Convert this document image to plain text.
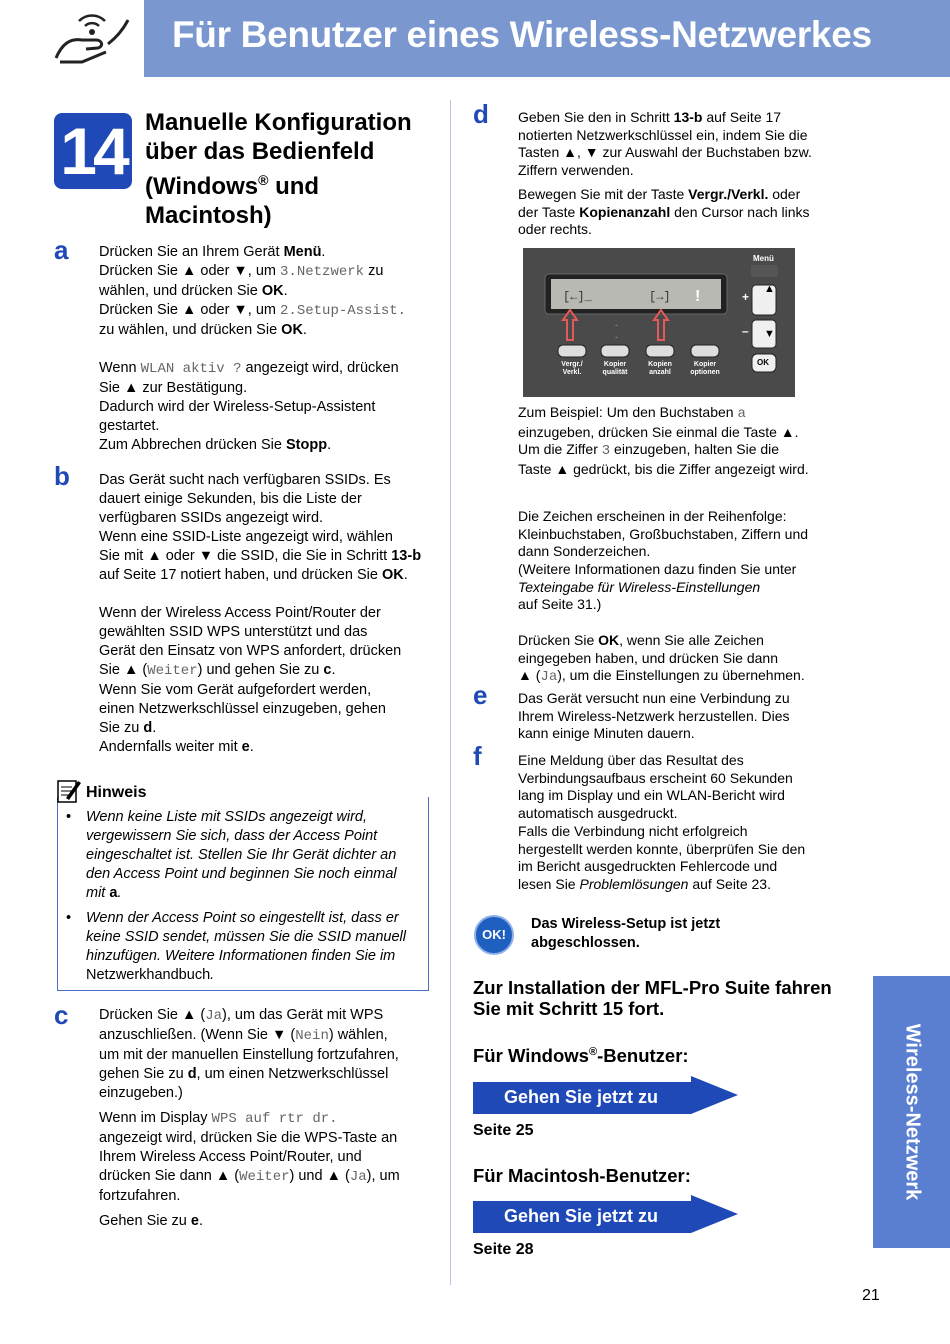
Für Benutzer eines Wireless-Netzwerkes
14 Manuelle Konfiguration
über das Bedienfeld
(Windows® und
Macintosh)
a Drücken Sie an Ihrem Gerät Menü.

Drücken Sie ▲ oder ▼, um 3.Netzwerk zu

wählen, und drücken Sie OK.

Drücken Sie ▲ oder ▼, um 2.Setup-Assist.

zu wählen, und drücken Sie OK.

Wenn WLAN aktiv ? angezeigt wird, drücken

Sie ▲ zur Bestätigung.

Dadurch wird der Wireless-Setup-Assistent

gestartet.

Zum Abbrechen drücken Sie Stopp.

b Das Gerät sucht nach verfügbaren SSIDs. Es

dauert einige Sekunden, bis die Liste der

verfügbaren SSIDs angezeigt wird.

Wenn eine SSID-Liste angezeigt wird, wählen

Sie mit ▲ oder ▼ die SSID, die Sie in Schritt 13-b

auf Seite 17 notiert haben, und drücken Sie OK.

Wenn der Wireless Access Point/Router der

gewählten SSID WPS unterstützt und das

Gerät den Einsatz von WPS anfordert, drücken

Sie ▲ (Weiter) und gehen Sie zu c.

Wenn Sie vom Gerät aufgefordert werden,

einen Netzwerkschlüssel einzugeben, gehen

Sie zu d.

Andernfalls weiter mit e.

Hinweis
• Wenn keine Liste mit SSIDs angezeigt wird, vergewissern Sie sich, dass der Access Point eingeschaltet ist. Stellen Sie Ihr Gerät dichter an den Access Point und beginnen Sie noch einmal mit a.
• Wenn der Access Point so eingestellt ist, dass er keine SSID sendet, müssen Sie die SSID manuell hinzufügen. Weitere Informationen finden Sie im Netzwerkhandbuch.
c Drücken Sie ▲ (Ja), um das Gerät mit WPS

anzuschließen. (Wenn Sie ▼ (Nein) wählen,

um mit der manuellen Einstellung fortzufahren,

gehen Sie zu d, um einen Netzwerkschlüssel

einzugeben.)

Wenn im Display WPS auf rtr dr.

angezeigt wird, drücken Sie die WPS-Taste an

Ihrem Wireless Access Point/Router, und

drücken Sie dann ▲ (Weiter) und ▲ (Ja), um

fortzufahren.

Gehen Sie zu e.

d Geben Sie den in Schritt 13-b auf Seite 17

notierten Netzwerkschlüssel ein, indem Sie die

Tasten ▲, ▼ zur Auswahl der Buchstaben bzw.

Ziffern verwenden.

Bewegen Sie mit der Taste Vergr./Verkl. oder

der Taste Kopienanzahl den Cursor nach links

oder rechts.

[←]_	[→] !
-
-
Menü
+
–
▲
▼
OK
Vergr./ Verkl.
Kopier qualität
Kopien anzahl
Kopier optionen

Zum Beispiel: Um den Buchstaben a

einzugeben, drücken Sie einmal die Taste ▲.

Um die Ziffer 3 einzugeben, halten Sie die

Taste ▲ gedrückt, bis die Ziffer angezeigt wird.

Die Zeichen erscheinen in der Reihenfolge:

Kleinbuchstaben, Großbuchstaben, Ziffern und

dann Sonderzeichen.

(Weitere Informationen dazu finden Sie unter

Texteingabe für Wireless-Einstellungen

auf Seite 31.)

Drücken Sie OK, wenn Sie alle Zeichen

eingegeben haben, und drücken Sie dann

▲ (Ja), um die Einstellungen zu übernehmen.

e Das Gerät versucht nun eine Verbindung zu

Ihrem Wireless-Netzwerk herzustellen. Dies

kann einige Minuten dauern.

f	Eine Meldung über das Resultat des

Verbindungsaufbaus erscheint 60 Sekunden

lang im Display und ein WLAN-Bericht wird

automatisch ausgedruckt.

Falls die Verbindung nicht erfolgreich

hergestellt werden konnte, überprüfen Sie den

im Bericht ausgedruckten Fehlercode und

lesen Sie Problemlösungen auf Seite 23.

OK!
Das Wireless-Setup ist jetzt
abgeschlossen.
Zur Installation der MFL-Pro Suite fahren
Sie mit Schritt 15 fort.
Für Windows®-Benutzer:
Gehen Sie jetzt zu
Seite 25
Für Macintosh-Benutzer:
Gehen Sie jetzt zu
Seite 28
Wireless-Netzwerk
21
